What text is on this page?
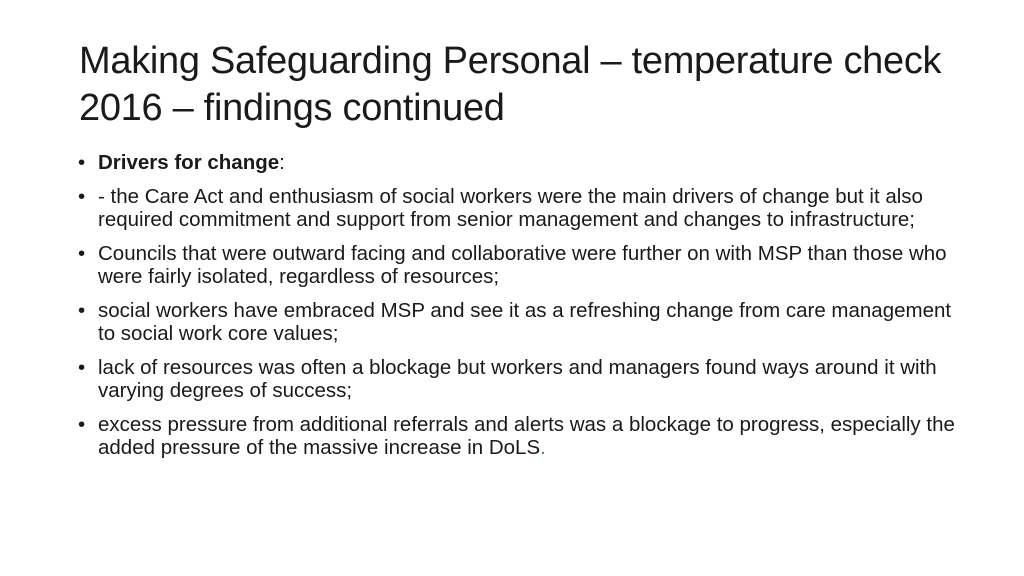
Making Safeguarding Personal – temperature check 2016 – findings continued
• Drivers for change:
• - the Care Act and enthusiasm of social workers were the main drivers of change but it also required commitment and support from senior management and changes to infrastructure;
• Councils that were outward facing and collaborative were further on with MSP than those who were fairly isolated, regardless of resources;
• social workers have embraced MSP and see it as a refreshing change from care management to social work core values;
• lack of resources was often a blockage but workers and managers found ways around it with varying degrees of success;
• excess pressure from additional referrals and alerts was a blockage to progress, especially the added pressure of the massive increase in DoLS.
